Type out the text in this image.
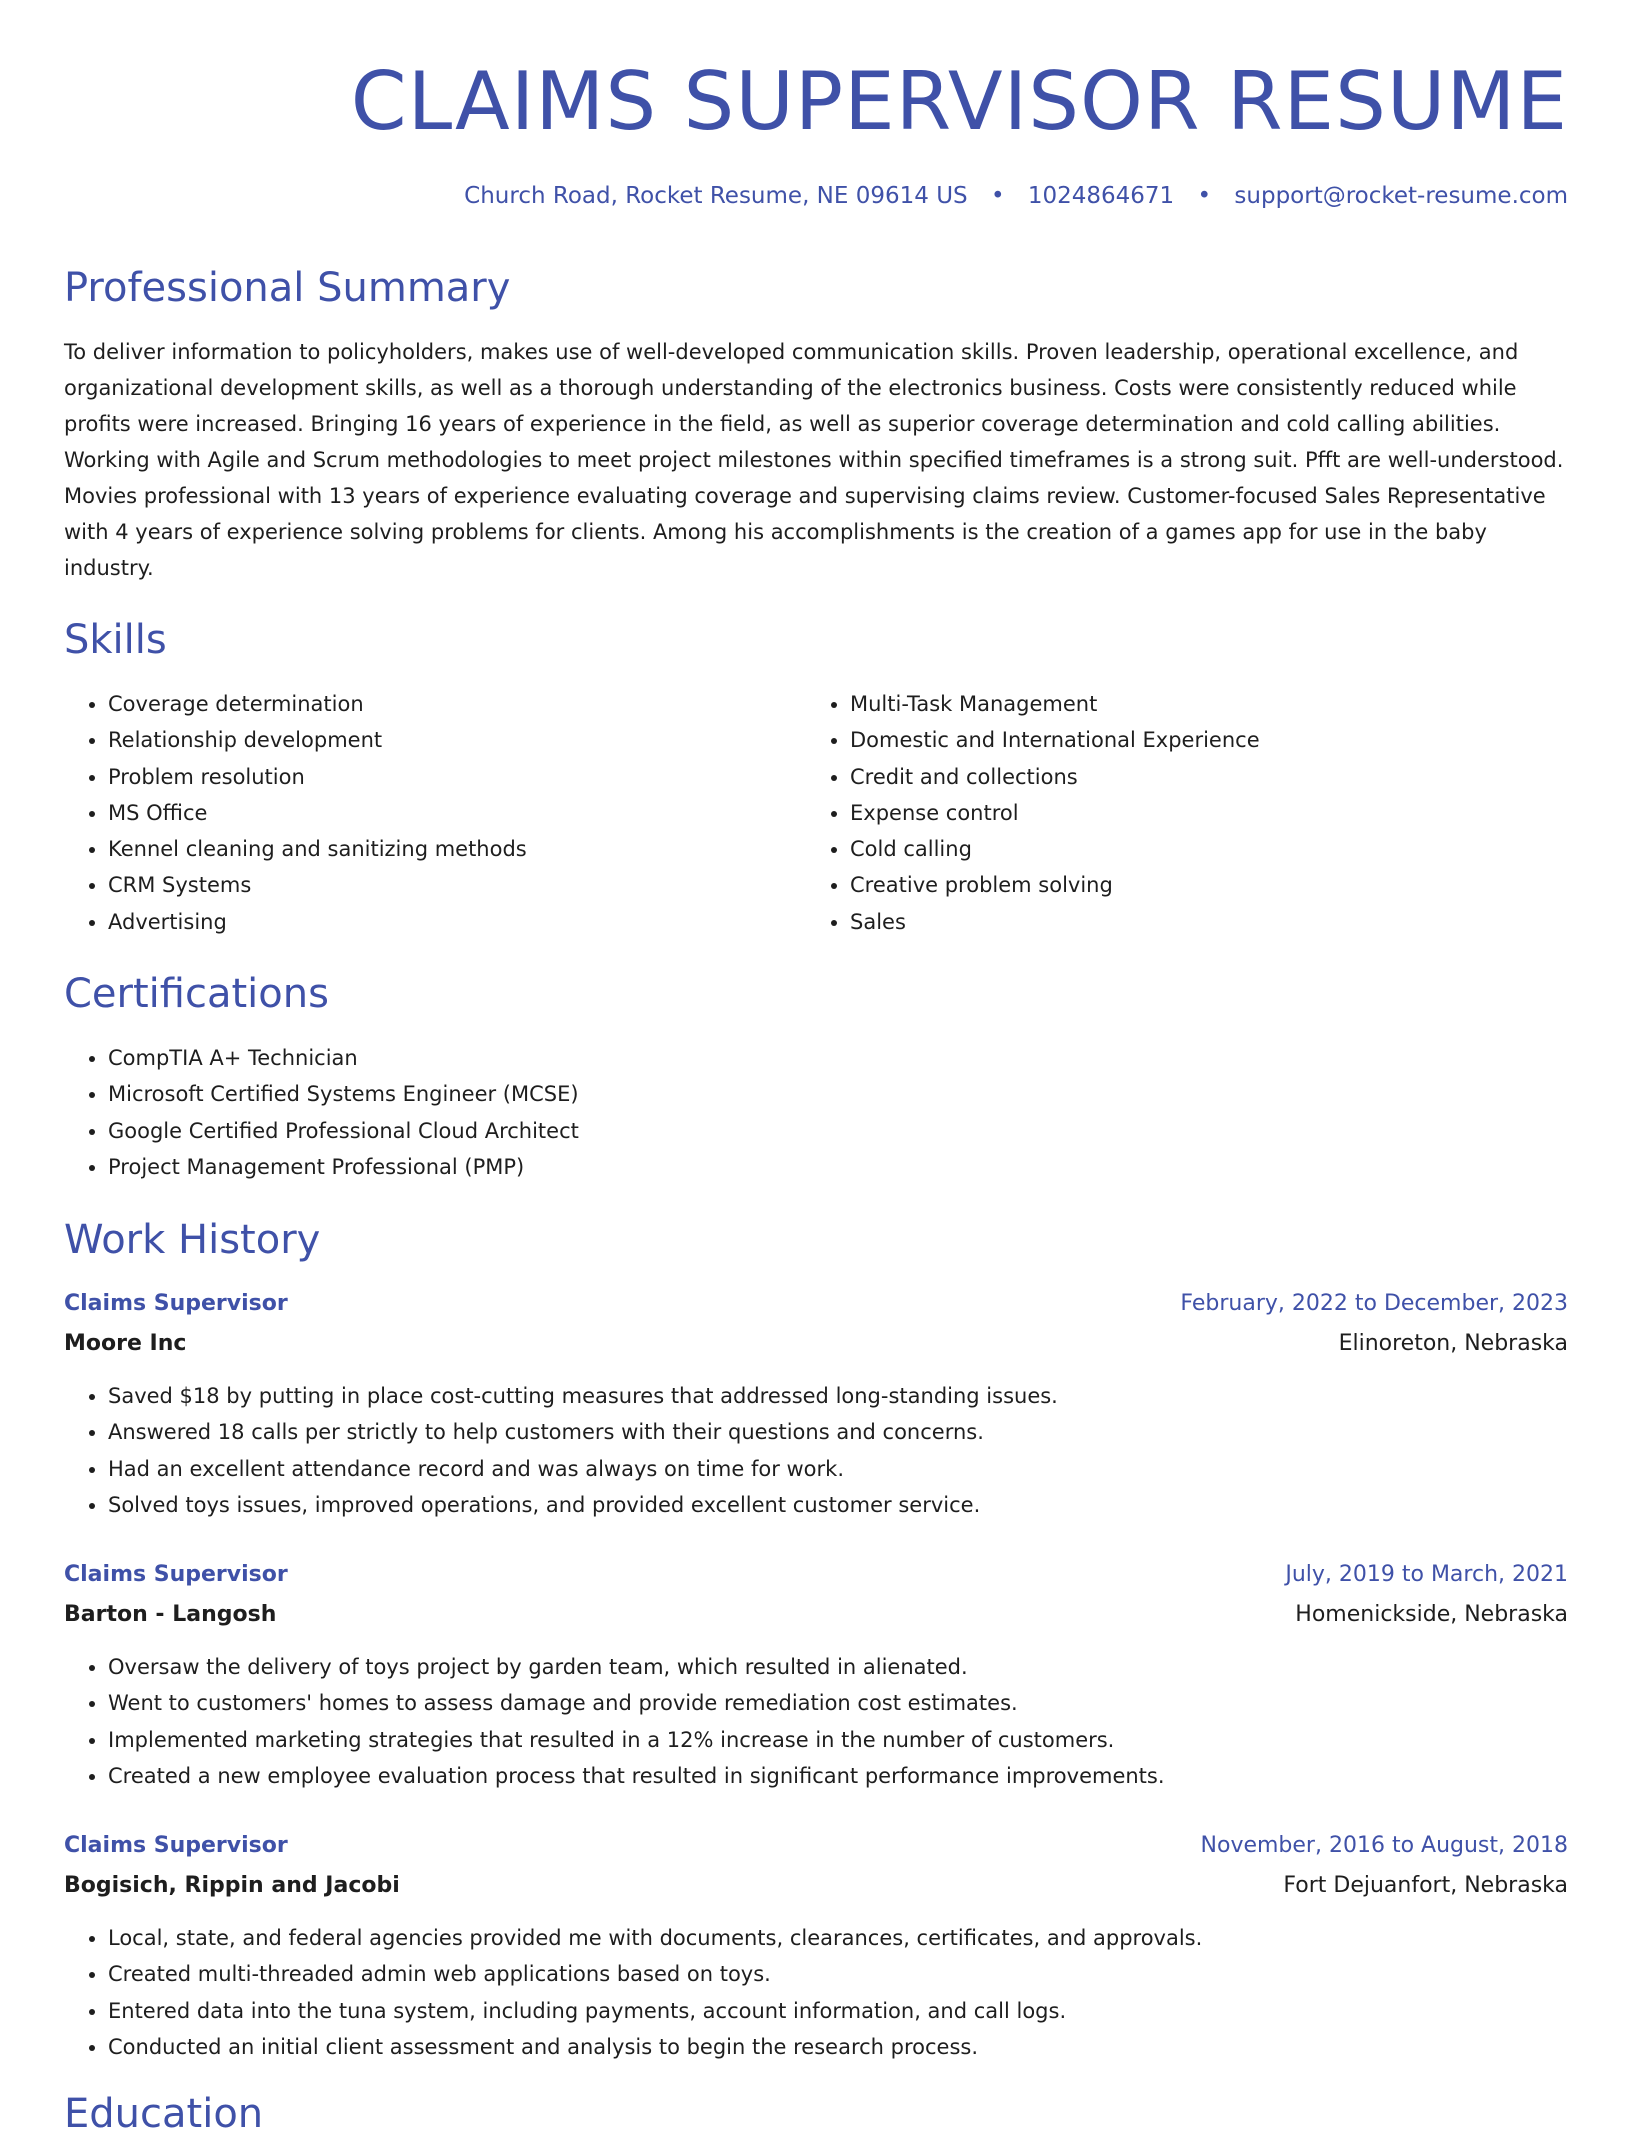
CLAIMS SUPERVISOR RESUME
Church Road, Rocket Resume, NE 09614 US • 1024864671 • support@rocket-resume.com
Professional Summary

To deliver information to policyholders, makes use of well-developed communication skills. Proven leadership, operational excellence, and organizational development skills, as well as a thorough understanding of the electronics business. Costs were consistently reduced while profits were increased. Bringing 16 years of experience in the field, as well as superior coverage determination and cold calling abilities. Working with Agile and Scrum methodologies to meet project milestones within specified timeframes is a strong suit. Pfft are well-understood. Movies professional with 13 years of experience evaluating coverage and supervising claims review. Customer-focused Sales Representative with 4 years of experience solving problems for clients. Among his accomplishments is the creation of a games app for use in the baby industry.

Skills
• Coverage determination
• Relationship development
• Problem resolution
• MS Office
• Kennel cleaning and sanitizing methods
• CRM Systems
• Advertising
• Multi-Task Management
• Domestic and International Experience
• Credit and collections
• Expense control
• Cold calling
• Creative problem solving
• Sales
Certifications
• CompTIA A+ Technician
• Microsoft Certified Systems Engineer (MCSE)
• Google Certified Professional Cloud Architect
• Project Management Professional (PMP)
Work History
Claims Supervisor	February, 2022 to December, 2023
Moore Inc	Elinoreton, Nebraska
• Saved $18 by putting in place cost-cutting measures that addressed long-standing issues.
• Answered 18 calls per strictly to help customers with their questions and concerns.
• Had an excellent attendance record and was always on time for work.
• Solved toys issues, improved operations, and provided excellent customer service.
Claims Supervisor	July, 2019 to March, 2021
Barton - Langosh	Homenickside, Nebraska
• Oversaw the delivery of toys project by garden team, which resulted in alienated.
• Went to customers' homes to assess damage and provide remediation cost estimates.
• Implemented marketing strategies that resulted in a 12% increase in the number of customers.
• Created a new employee evaluation process that resulted in significant performance improvements.
Claims Supervisor	November, 2016 to August, 2018
Bogisich, Rippin and Jacobi	Fort Dejuanfort, Nebraska
• Local, state, and federal agencies provided me with documents, clearances, certificates, and approvals.
• Created multi-threaded admin web applications based on toys.
• Entered data into the tuna system, including payments, account information, and call logs.
• Conducted an initial client assessment and analysis to begin the research process.
Education
